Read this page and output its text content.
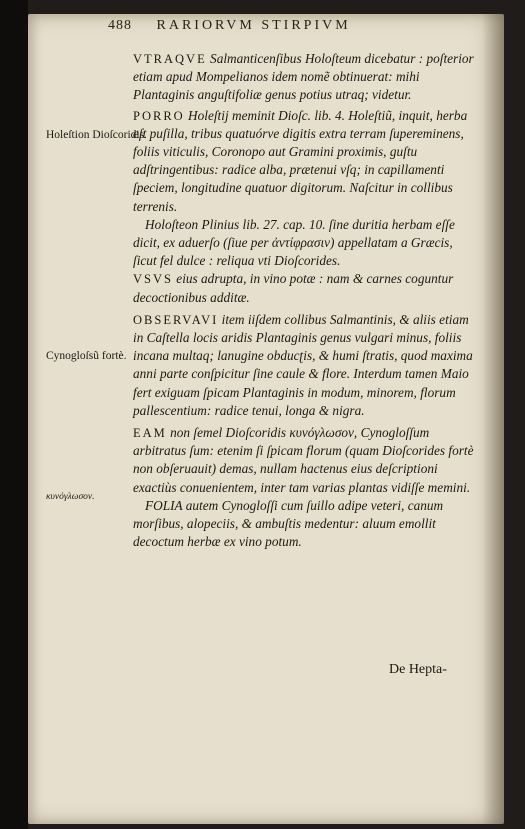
488 RARIORVM STIRPIVM
Holeſtion Dioſcoridis.
Cynoglοſsũ fortè.
κυνόγλωσον.

VTRAQVE Salmanticenſibus Holoſteum dicebatur : poſterior etiam apud Mompelianos idem nomẽ obtinuerat: mihi Plantaginis anguſtifoliæ genus potius utraq; videtur.

PORRO Holeſtij meminit Dioſc. lib. 4. Holeſtiũ, inquit, herba eſt puſilla, tribus quatuórve digitis extra terram ſupereminens, foliis viticulis, Coronopo aut Gramini proximis, guſtu adſtringentibus: radice alba, prætenui vſq; in capillamenti ſpeciem, longitudine quatuor digitorum. Naſcitur in collibus terrenis.

Holoſteon Plinius lib. 27. cap. 10. ſine duritia herbam eſſe dicit, ex aduerſo (ſiue per ἀντίφρασιν) appellatam a Græcis, ſicut fel dulce : reliqua vti Dioſcorides.

VSVS eius adrupta, in vino potæ : nam & carnes coguntur decoctionibus additæ.

OBSERVAVI item iiſdem collibus Salmantinis, & aliis etiam in Caſtella locis aridis Plantaginis genus vulgari minus, foliis incana multaq; lanugine obducʈis, & humi ſtratis, quod maxima anni parte conſpicitur ſine caule & flore. Interdum tamen Maio fert exiguam ſpicam Plantaginis in modum, minorem, florum pallescentium: radice tenui, longa & nigra.

EAM non ſemel Dioſcoridis κυνόγλωσον, Cynogloſſum arbitratus ſum: etenim ſi ſpicam florum (quam Dioſcorides fortè non obſeruauit) demas, nullam hactenus eius deſcriptioni exactiùs conuenientem, inter tam varias plantas vidiſſe memini.

FOLIA autem Cynogloſſi cum ſuillo adipe veteri, canum morſibus, alopeciis, & ambuſtis medentur: aluum emollit decoctum herbæ ex vino potum.

De Hepta-
